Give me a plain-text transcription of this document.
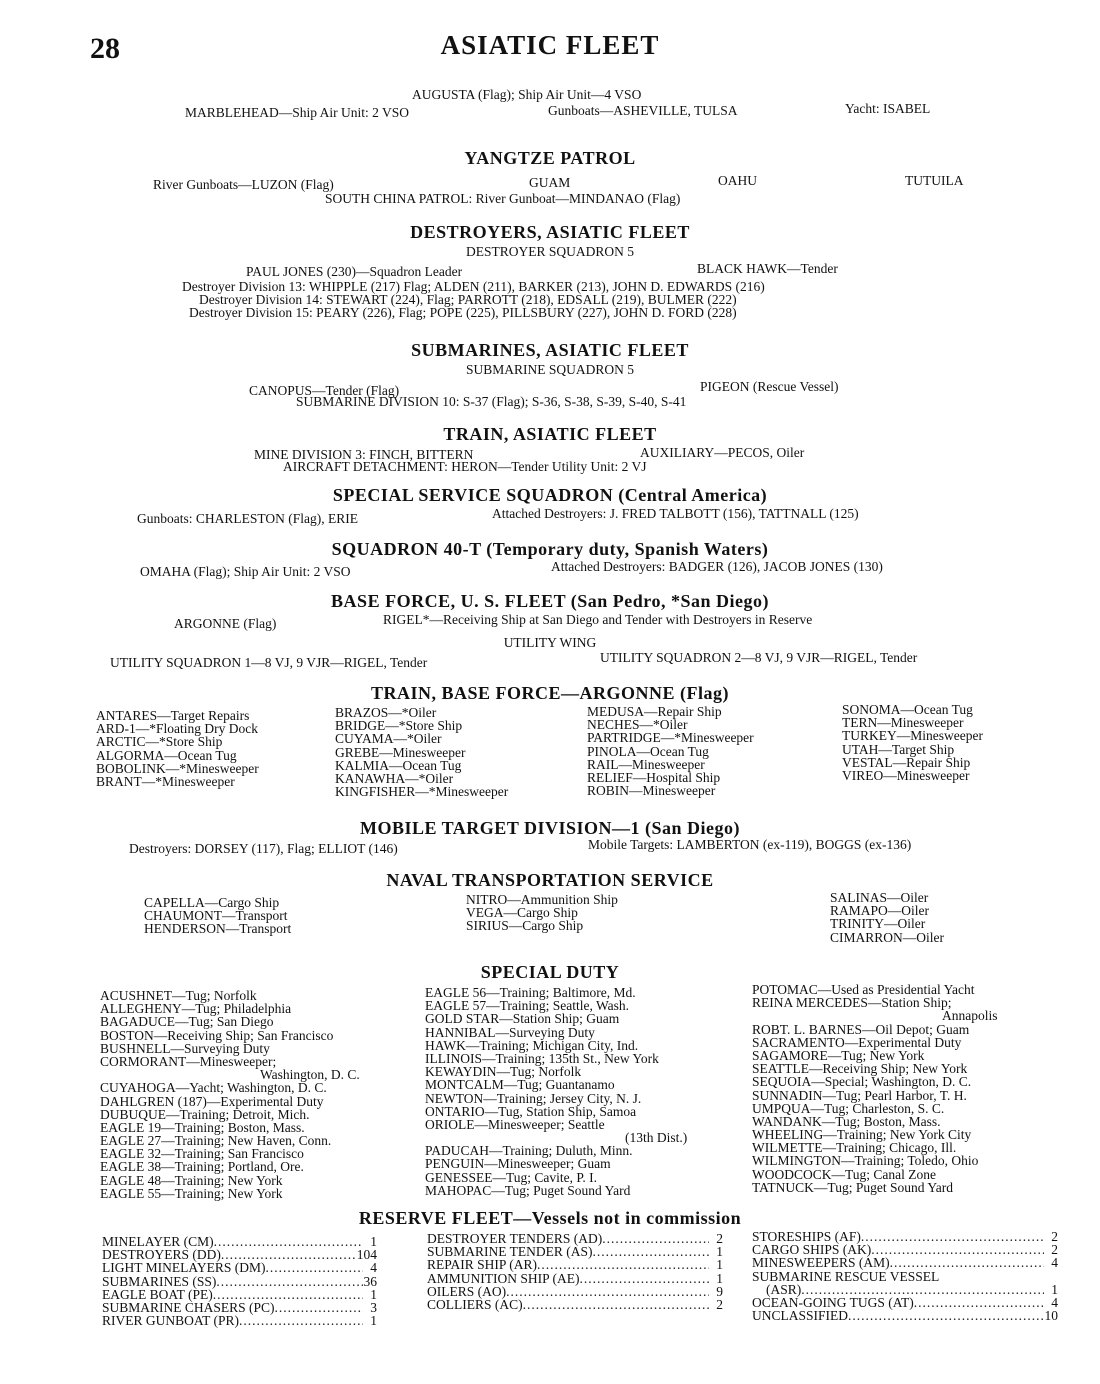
28	ASIATIC FLEET
AUGUSTA (Flag); Ship Air Unit—4 VSO
MARBLEHEAD—Ship Air Unit: 2 VSO	Gunboats—ASHEVILLE, TULSA	Yacht: ISABEL
YANGTZE PATROL
River Gunboats—LUZON (Flag)	GUAM	OAHU	TUTUILA
SOUTH CHINA PATROL: River Gunboat—MINDANAO (Flag)
DESTROYERS, ASIATIC FLEET
DESTROYER SQUADRON 5
PAUL JONES (230)—Squadron Leader	BLACK HAWK—Tender
Destroyer Division 13: WHIPPLE (217) Flag; ALDEN (211), BARKER (213), JOHN D. EDWARDS (216)
Destroyer Division 14: STEWART (224), Flag; PARROTT (218), EDSALL (219), BULMER (222)
Destroyer Division 15: PEARY (226), Flag; POPE (225), PILLSBURY (227), JOHN D. FORD (228)
SUBMARINES, ASIATIC FLEET
SUBMARINE SQUADRON 5
CANOPUS—Tender (Flag)	PIGEON (Rescue Vessel)
SUBMARINE DIVISION 10: S-37 (Flag); S-36, S-38, S-39, S-40, S-41
TRAIN, ASIATIC FLEET
MINE DIVISION 3: FINCH, BITTERN	AUXILIARY—PECOS, Oiler
AIRCRAFT DETACHMENT: HERON—Tender Utility Unit: 2 VJ
SPECIAL SERVICE SQUADRON (Central America)
Gunboats: CHARLESTON (Flag), ERIE	Attached Destroyers: J. FRED TALBOTT (156), TATTNALL (125)
SQUADRON 40-T (Temporary duty, Spanish Waters)
OMAHA (Flag); Ship Air Unit: 2 VSO	Attached Destroyers: BADGER (126), JACOB JONES (130)
BASE FORCE, U. S. FLEET (San Pedro, *San Diego)
ARGONNE (Flag)	RIGEL*—Receiving Ship at San Diego and Tender with Destroyers in Reserve
UTILITY WING
UTILITY SQUADRON 1—8 VJ, 9 VJR—RIGEL, Tender	UTILITY SQUADRON 2—8 VJ, 9 VJR—RIGEL, Tender
TRAIN, BASE FORCE—ARGONNE (Flag)
ANTARES—Target Repairs
ARD-1—*Floating Dry Dock
ARCTIC—*Store Ship
ALGORMA—Ocean Tug
BOBOLINK—*Minesweeper
BRANT—*Minesweeper
BRAZOS—*Oiler
BRIDGE—*Store Ship
CUYAMA—*Oiler
GREBE—Minesweeper
KALMIA—Ocean Tug
KANAWHA—*Oiler
KINGFISHER—*Minesweeper
MEDUSA—Repair Ship
NECHES—*Oiler
PARTRIDGE—*Minesweeper
PINOLA—Ocean Tug
RAIL—Minesweeper
RELIEF—Hospital Ship
ROBIN—Minesweeper
SONOMA—Ocean Tug
TERN—Minesweeper
TURKEY—Minesweeper
UTAH—Target Ship
VESTAL—Repair Ship
VIREO—Minesweeper
MOBILE TARGET DIVISION—1 (San Diego)
Destroyers: DORSEY (117), Flag; ELLIOT (146)	Mobile Targets: LAMBERTON (ex-119), BOGGS (ex-136)
NAVAL TRANSPORTATION SERVICE
CAPELLA—Cargo Ship
CHAUMONT—Transport
HENDERSON—Transport
NITRO—Ammunition Ship
VEGA—Cargo Ship
SIRIUS—Cargo Ship
SALINAS—Oiler
RAMAPO—Oiler
TRINITY—Oiler
CIMARRON—Oiler
SPECIAL DUTY
ACUSHNET—Tug; Norfolk
ALLEGHENY—Tug; Philadelphia
BAGADUCE—Tug; San Diego
BOSTON—Receiving Ship; San Francisco
BUSHNELL—Surveying Duty
CORMORANT—Minesweeper;
Washington, D. C.
CUYAHOGA—Yacht; Washington, D. C.
DAHLGREN (187)—Experimental Duty
DUBUQUE—Training; Detroit, Mich.
EAGLE 19—Training; Boston, Mass.
EAGLE 27—Training; New Haven, Conn.
EAGLE 32—Training; San Francisco
EAGLE 38—Training; Portland, Ore.
EAGLE 48—Training; New York
EAGLE 55—Training; New York
EAGLE 56—Training; Baltimore, Md.
EAGLE 57—Training; Seattle, Wash.
GOLD STAR—Station Ship; Guam
HANNIBAL—Surveying Duty
HAWK—Training; Michigan City, Ind.
ILLINOIS—Training; 135th St., New York
KEWAYDIN—Tug; Norfolk
MONTCALM—Tug; Guantanamo
NEWTON—Training; Jersey City, N. J.
ONTARIO—Tug, Station Ship, Samoa
ORIOLE—Minesweeper; Seattle
(13th Dist.)
PADUCAH—Training; Duluth, Minn.
PENGUIN—Minesweeper; Guam
GENESSEE—Tug; Cavite, P. I.
MAHOPAC—Tug; Puget Sound Yard
POTOMAC—Used as Presidential Yacht
REINA MERCEDES—Station Ship;
Annapolis
ROBT. L. BARNES—Oil Depot; Guam
SACRAMENTO—Experimental Duty
SAGAMORE—Tug; New York
SEATTLE—Receiving Ship; New York
SEQUOIA—Special; Washington, D. C.
SUNNADIN—Tug; Pearl Harbor, T. H.
UMPQUA—Tug; Charleston, S. C.
WANDANK—Tug; Boston, Mass.
WHEELING—Training; New York City
WILMETTE—Training; Chicago, Ill.
WILMINGTON—Training; Toledo, Ohio
WOODCOCK—Tug; Canal Zone
TATNUCK—Tug; Puget Sound Yard
RESERVE FLEET—Vessels not in commission
MINELAYER (CM) .....	1
DESTROYERS (DD) .....	104
LIGHT MINELAYERS (DM) .....	4
SUBMARINES (SS) .....	36
EAGLE BOAT (PE) .....	1
SUBMARINE CHASERS (PC) .....	3
RIVER GUNBOAT (PR) .....	1
DESTROYER TENDERS (AD) .....	2
SUBMARINE TENDER (AS) .....	1
REPAIR SHIP (AR) .....	1
AMMUNITION SHIP (AE) .....	1
OILERS (AO) .....	9
COLLIERS (AC) .....	2
STORESHIPS (AF) .....	2
CARGO SHIPS (AK) .....	2
MINESWEEPERS (AM) .....	4
SUBMARINE RESCUE VESSEL
(ASR) .....	1
OCEAN-GOING TUGS (AT) .....	4
UNCLASSIFIED .....	10
